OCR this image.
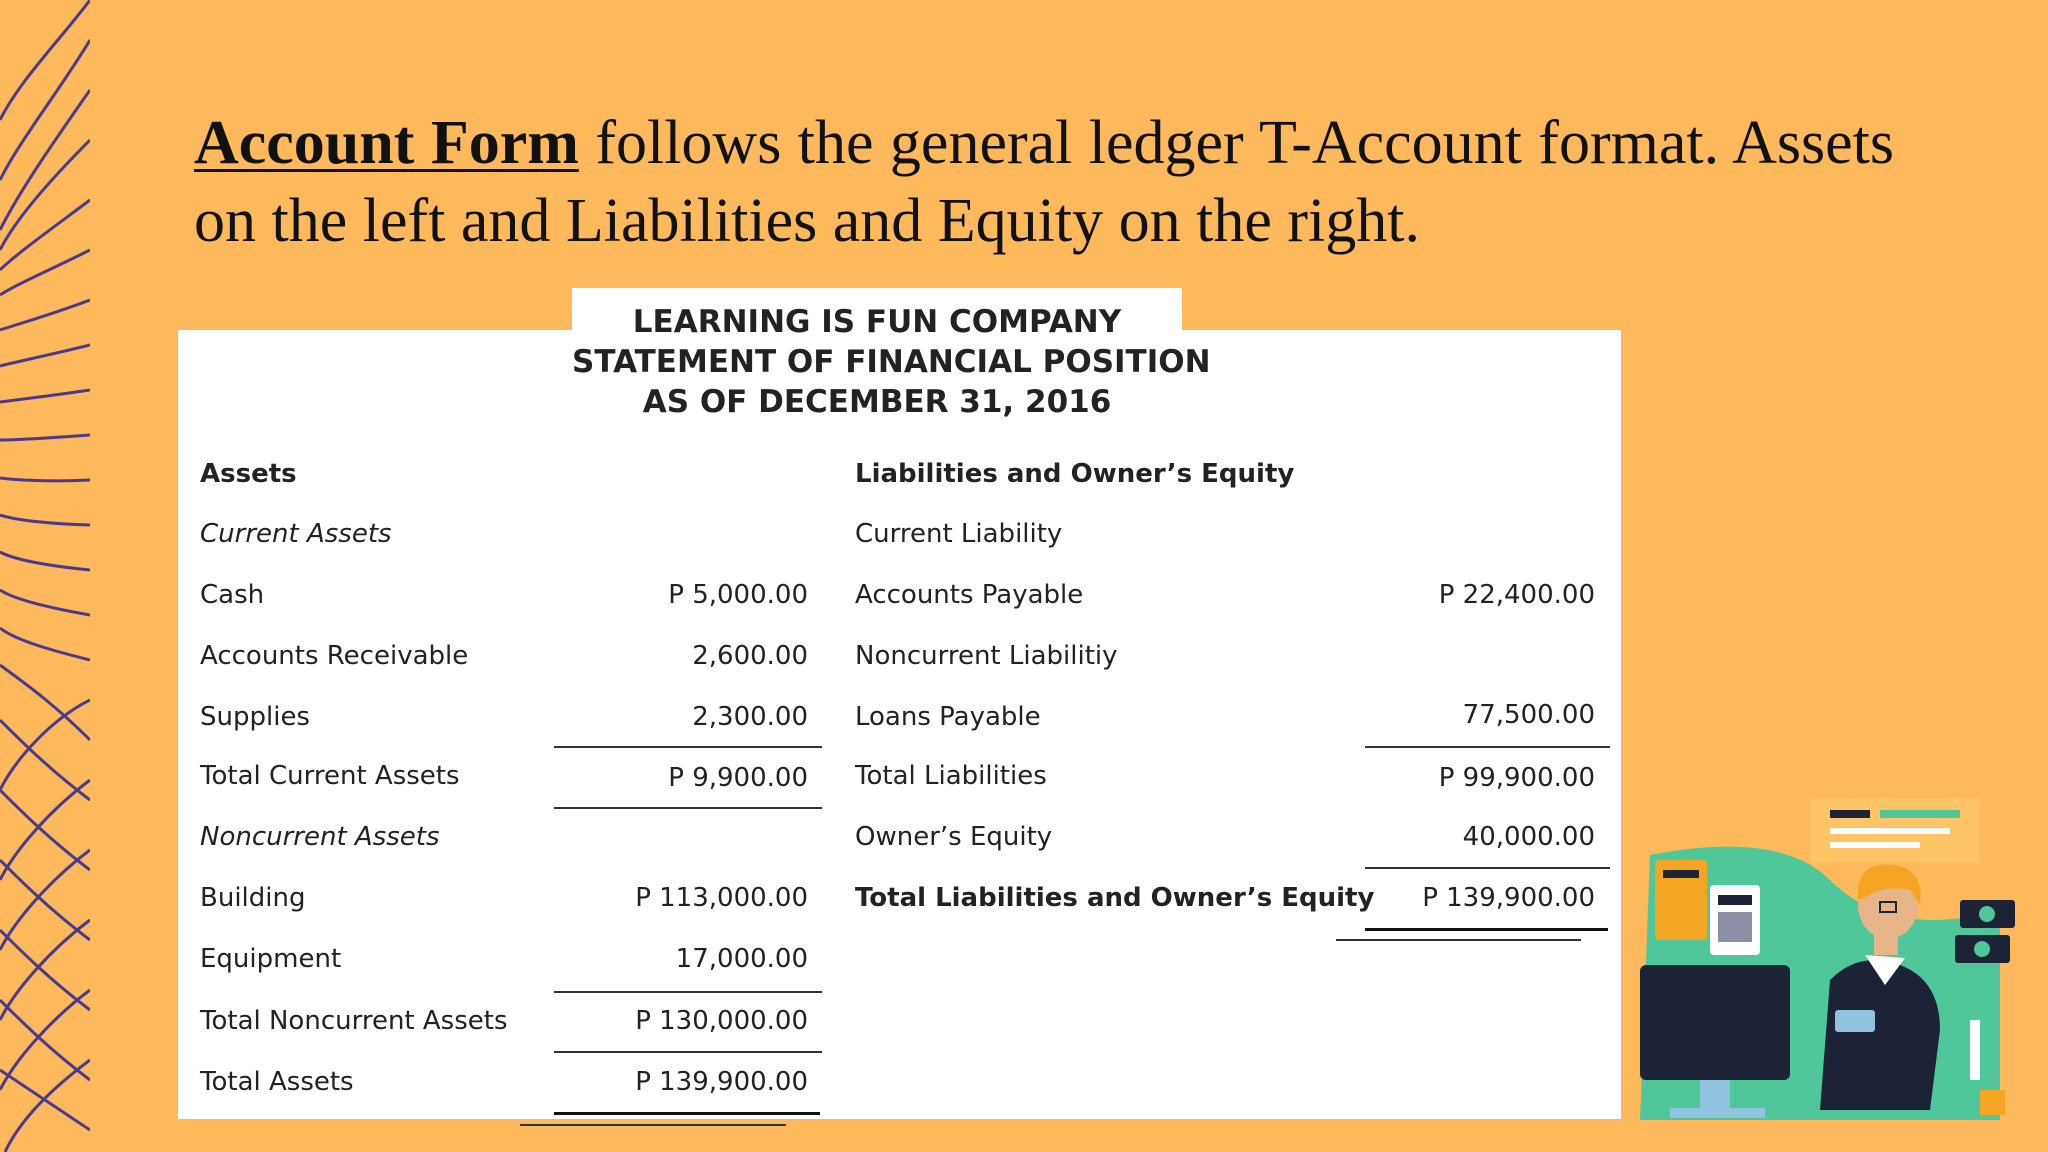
Account Form follows the general ledger T-Account format. Assets on the left and Liabilities and Equity on the right.
LEARNING IS FUN COMPANY
STATEMENT OF FINANCIAL POSITION
AS OF DECEMBER 31, 2016
Assets
Current Assets
Cash	P 5,000.00
Accounts Receivable	2,600.00
Supplies	2,300.00
Total Current Assets	P 9,900.00
Noncurrent Assets
Building	P 113,000.00
Equipment	17,000.00
Total Noncurrent Assets	P 130,000.00
Total Assets	P 139,900.00
Liabilities and Owner’s Equity
Current Liability
Accounts Payable	P 22,400.00
Noncurrent Liabilitiy
Loans Payable	77,500.00
Total Liabilities	P 99,900.00
Owner’s Equity	40,000.00
Total Liabilities and Owner’s Equity P 139,900.00
